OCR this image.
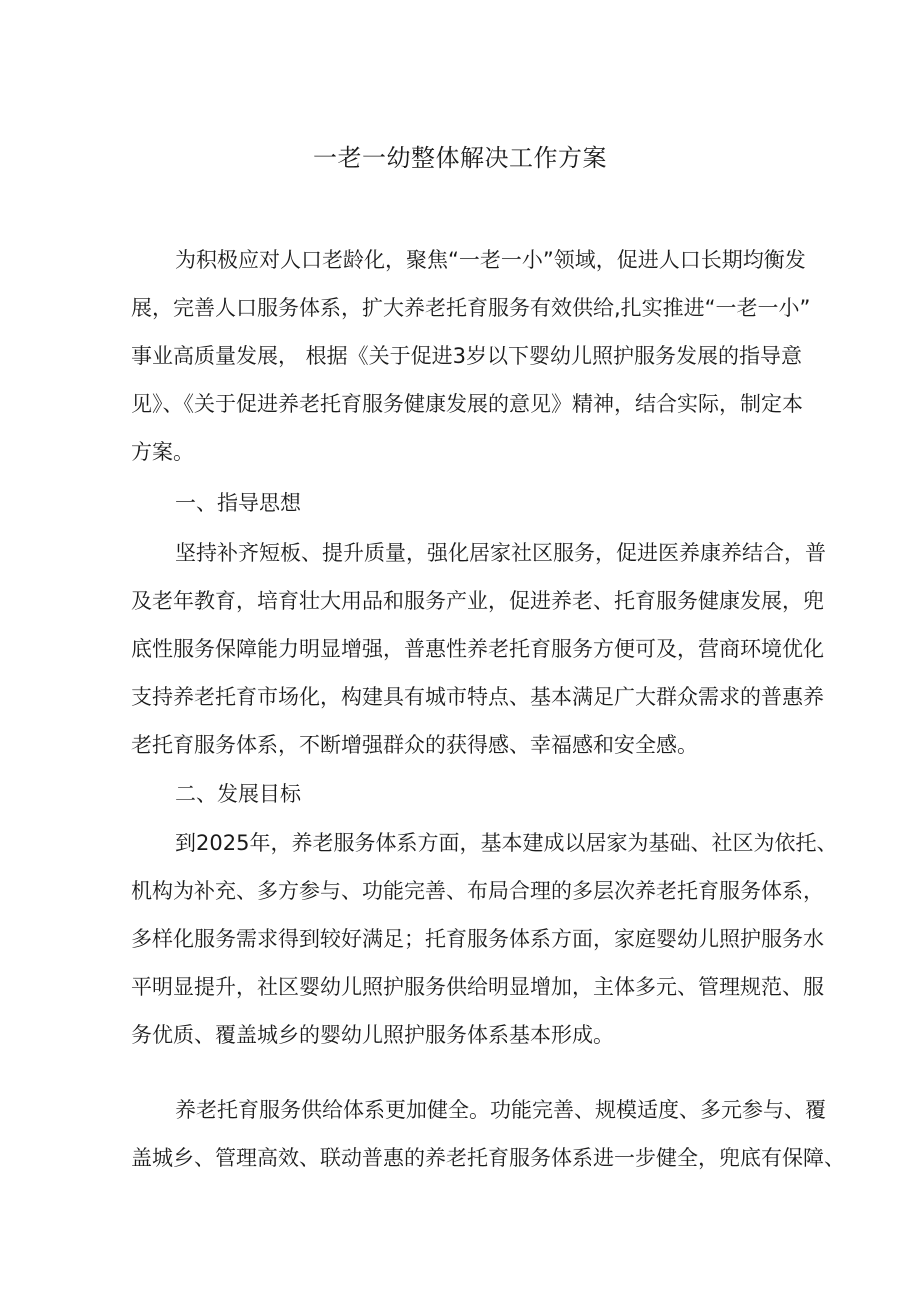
一老一幼整体解决工作方案
为积极应对人口老龄化，聚焦“一老一小”领域，促进人口长期均衡发
展，完善人口服务体系，扩大养老托育服务有效供给,扎实推进“一老一小”
事业高质量发展， 根据《关于促进3岁以下婴幼儿照护服务发展的指导意
见》、《关于促进养老托育服务健康发展的意见》精神，结合实际，制定本
方案。
一、指导思想
坚持补齐短板、提升质量，强化居家社区服务，促进医养康养结合，普
及老年教育，培育壮大用品和服务产业，促进养老、托育服务健康发展，兜
底性服务保障能力明显增强，普惠性养老托育服务方便可及，营商环境优化
支持养老托育市场化，构建具有城市特点、基本满足广大群众需求的普惠养
老托育服务体系，不断增强群众的获得感、幸福感和安全感。
二、发展目标
到2025年，养老服务体系方面，基本建成以居家为基础、社区为依托、
机构为补充、多方参与、功能完善、布局合理的多层次养老托育服务体系，
多样化服务需求得到较好满足；托育服务体系方面，家庭婴幼儿照护服务水
平明显提升，社区婴幼儿照护服务供给明显增加，主体多元、管理规范、服
务优质、覆盖城乡的婴幼儿照护服务体系基本形成。
养老托育服务供给体系更加健全。功能完善、规模适度、多元参与、覆
盖城乡、管理高效、联动普惠的养老托育服务体系进一步健全，兜底有保障、
